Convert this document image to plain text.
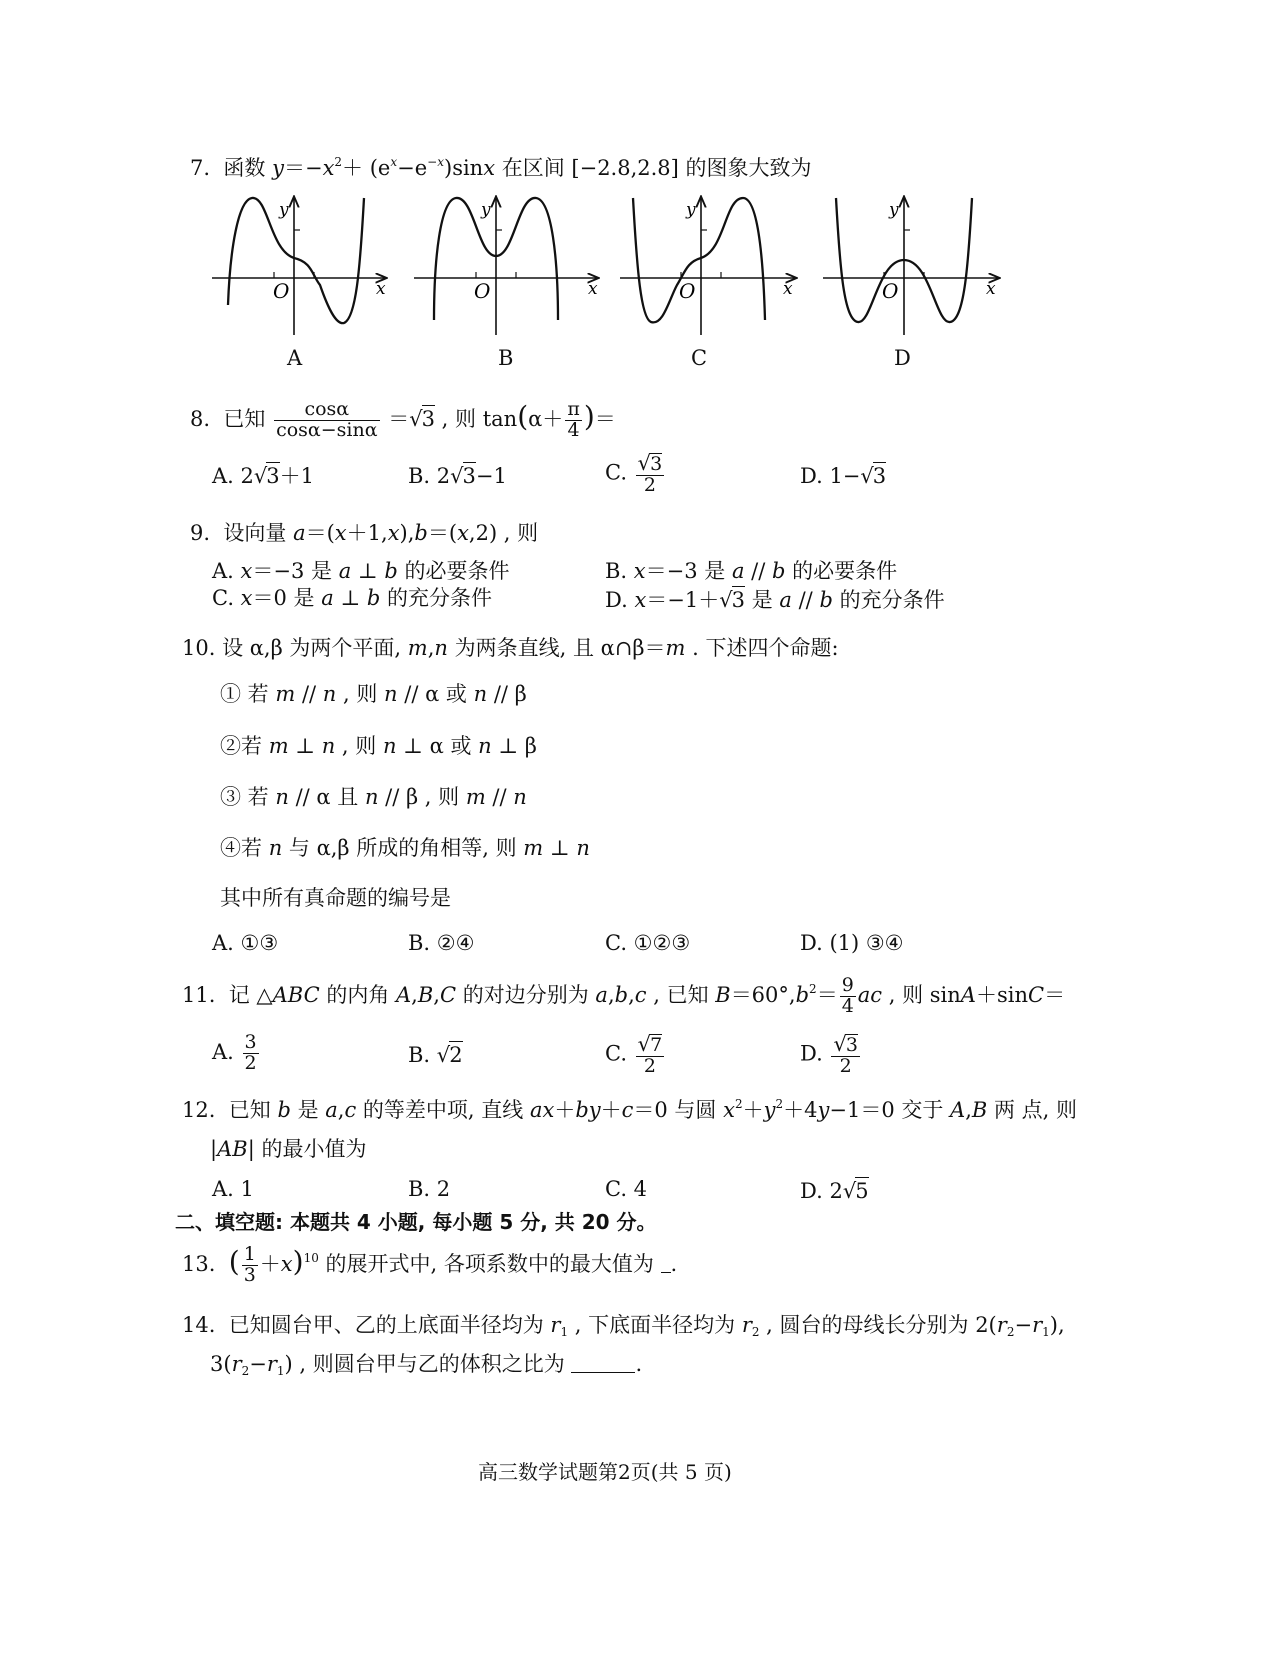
7.  函数 $y=-x^2+ (e^x-e^{-x})\sin x$ 在区间 [−2.8,2.8] 的图象大致为
O	x
y
O	x
y
O	x
y
O	x
y
A	B	C	D
8.  已知 $\frac{\cos\alpha}{\cos\alpha-\sin\alpha} =√3$ , 则 $\tan(\alpha+ \frac{\pi}{4}$ )＝
A. 2√3＋1	B. 2√3−1	C. $\frac{√3}{2}$	D. 1−√3
9.  设向量 a＝(x＋1,x),b＝(x,2) , 则
A. x＝−3 是 a ⊥ b 的必要条件	B. x＝−3 是 a // b 的必要条件
C. x＝0 是 a ⊥ b 的充分条件	D. x＝−1＋√3 是 a // b 的充分条件
10. 设 α,β 为两个平面, m,n 为两条直线, 且 α∩β＝m . 下述四个命题:
① 若 m // n , 则 n // α 或 n // β
②若 m ⊥ n , 则 n ⊥ α 或 n ⊥ β
③ 若 n // α 且 n // β , 则 m // n
④若 n 与 α,β 所成的角相等, 则 m ⊥ n
其中所有真命题的编号是
A. ①③	B. ②④	C. ①②③	D. (1) ③④
11.  记 △ABC 的内角 A,B,C 的对边分别为 a,b,c , 已知 $B=60^\circ,b^2= \frac{9}{4}$ ac , 则 sinA＋sinC＝
A. $\frac{3}{2}$	B. √2	C. $\frac{√7}{2}$	D. $\frac{√3}{2}$
12.  已知 b 是 a,c 的等差中项, 直线 ax＋by＋c＝0 与圆 $x^2+y^2+4y-1=0$ 交于 A,B 两 点, 则
|AB| 的最小值为
A. 1	B. 2	C. 4	D. 2√5
二、填空题: 本题共 4 小题, 每小题 5 分, 共 20 分。
13.  ( $\frac{1}{3} +x)^{10}$ 的展开式中, 各项系数中的最大值为 .
14.  已知圆台甲、乙的上底面半径均为 $r_1$ , 下底面半径均为 $r_2$ , 圆台的母线长分别为 $2(r_2-r_1)$,
$3(r_2-r_1)$ , 则圆台甲与乙的体积之比为	.
高三数学试题第2页(共 5 页)
